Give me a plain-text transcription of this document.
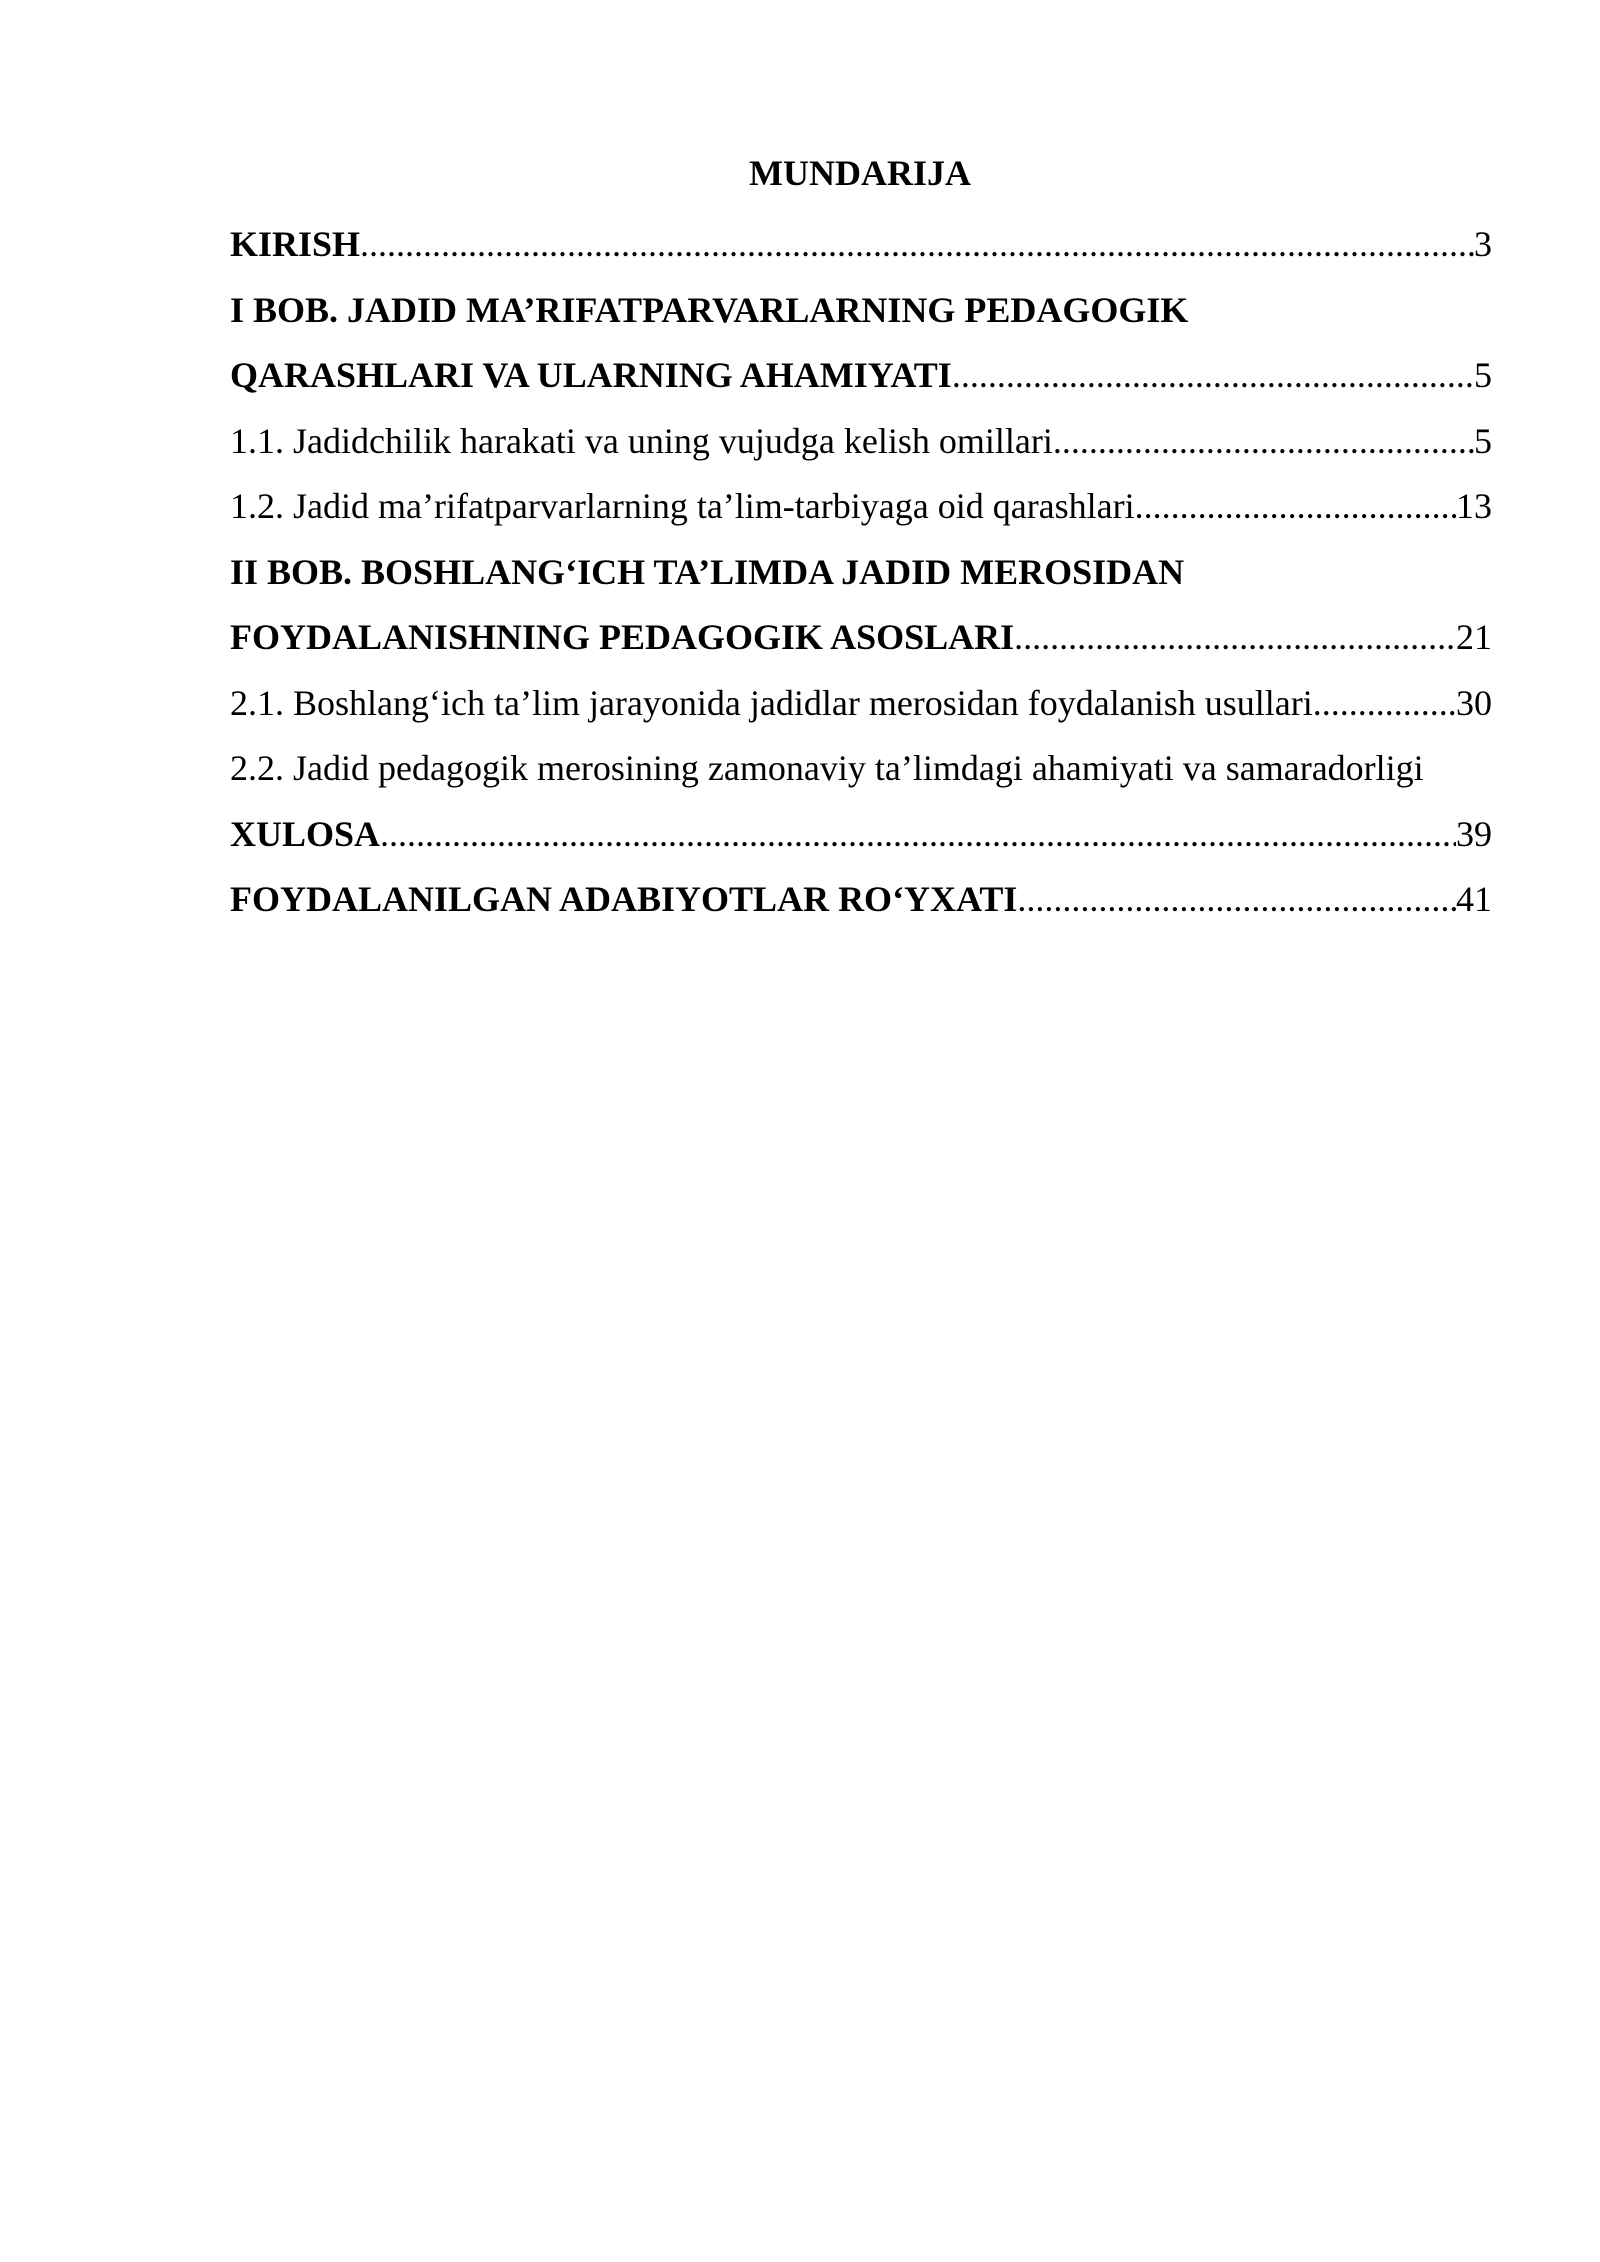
MUNDARIJA
KIRISH .....	3
I BOB. JADID MA’RIFATPARVARLARNING PEDAGOGIK
QARASHLARI VA ULARNING AHAMIYATI .....	5
1.1. Jadidchilik harakati va uning vujudga kelish omillari .....	5
1.2. Jadid ma’rifatparvarlarning ta’lim-tarbiyaga oid qarashlari .....	13
II BOB. BOSHLANG‘ICH TA’LIMDA JADID MEROSIDAN
FOYDALANISHNING PEDAGOGIK ASOSLARI .....	21
2.1. Boshlang‘ich ta’lim jarayonida jadidlar merosidan foydalanish usullari .....	30
2.2. Jadid pedagogik merosining zamonaviy ta’limdagi ahamiyati va samaradorligi
XULOSA .....	39
FOYDALANILGAN ADABIYOTLAR RO‘YXATI .....	41
